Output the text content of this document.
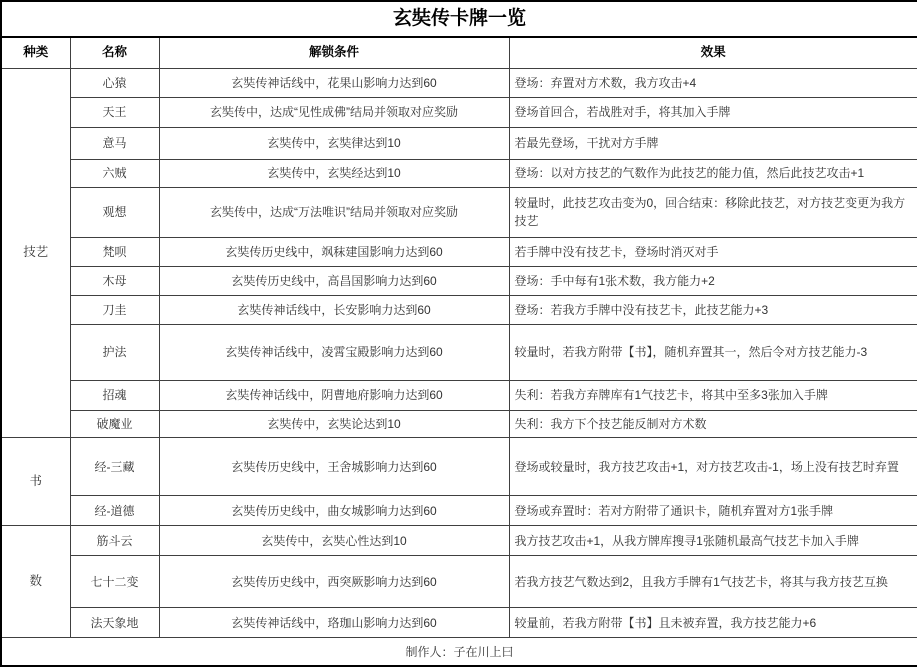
玄奘传卡牌一览			
种类	名称	解锁条件	效果
技艺	心猿	玄奘传神话线中，花果山影响力达到60	登场：弃置对方术数，我方攻击+4
	天王	玄奘传中，达成“见性成佛”结局并领取对应奖励	登场首回合，若战胜对手，将其加入手牌
	意马	玄奘传中，玄奘律达到10	若最先登场，干扰对方手牌
	六贼	玄奘传中，玄奘经达到10	登场：以对方技艺的气数作为此技艺的能力值，然后此技艺攻击+1
	观想	玄奘传中，达成“万法唯识”结局并领取对应奖励	较量时，此技艺攻击变为0，回合结束：移除此技艺，对方技艺变更为我方技艺
	梵呗	玄奘传历史线中，飒秣建国影响力达到60	若手牌中没有技艺卡，登场时消灭对手
	木母	玄奘传历史线中，高昌国影响力达到60	登场：手中每有1张术数，我方能力+2
	刀圭	玄奘传神话线中，长安影响力达到60	登场：若我方手牌中没有技艺卡，此技艺能力+3
	护法	玄奘传神话线中，凌霄宝殿影响力达到60	较量时，若我方附带【书】，随机弃置其一，然后令对方技艺能力-3
	招魂	玄奘传神话线中，阴曹地府影响力达到60	失利：若我方弃牌库有1气技艺卡，将其中至多3张加入手牌
	破魔业	玄奘传中，玄奘论达到10	失利：我方下个技艺能反制对方术数
书	经-三藏	玄奘传历史线中，王舍城影响力达到60	登场或较量时，我方技艺攻击+1，对方技艺攻击-1，场上没有技艺时弃置
	经-道德	玄奘传历史线中，曲女城影响力达到60	登场或弃置时：若对方附带了通识卡，随机弃置对方1张手牌
数	筋斗云	玄奘传中，玄奘心性达到10	我方技艺攻击+1，从我方牌库搜寻1张随机最高气技艺卡加入手牌
	七十二变	玄奘传历史线中，西突厥影响力达到60	若我方技艺气数达到2，且我方手牌有1气技艺卡，将其与我方技艺互换
	法天象地	玄奘传神话线中，珞珈山影响力达到60	较量前，若我方附带【书】且未被弃置，我方技艺能力+6
制作人：子在川上曰			
